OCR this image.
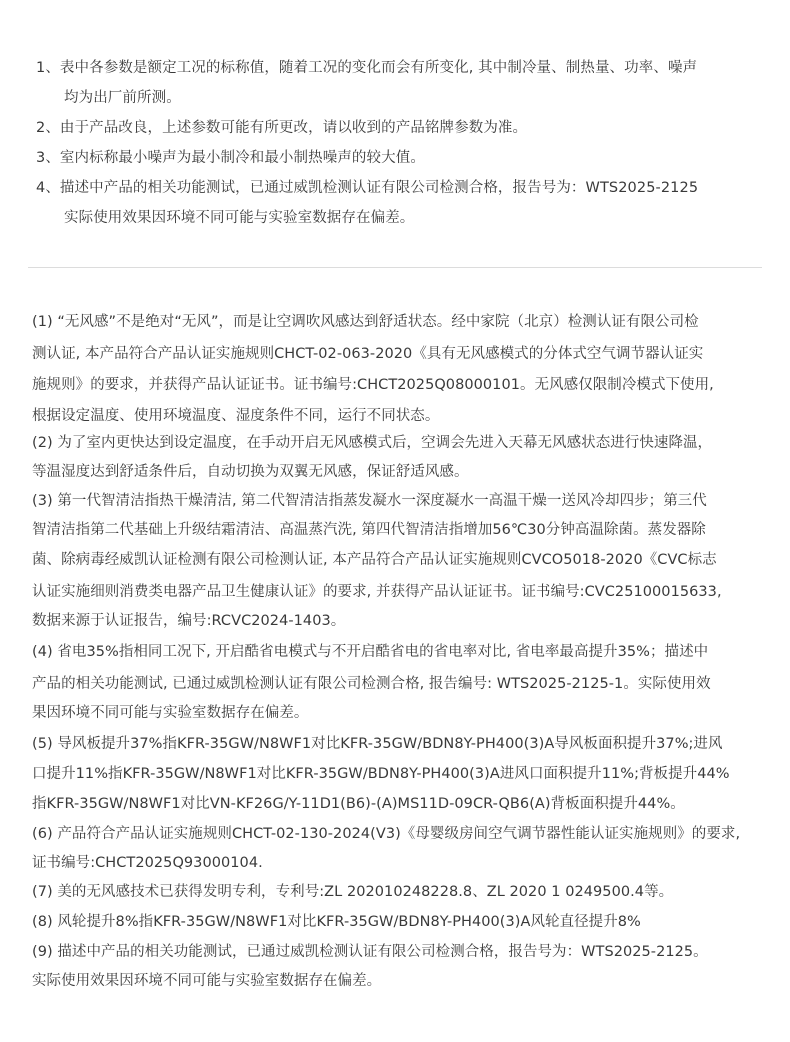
1、表中各参数是额定工况的标称值，随着工况的变化而会有所变化, 其中制冷量、制热量、功率、噪声
均为出厂前所测。
2、由于产品改良，上述参数可能有所更改，请以收到的产品铭牌参数为准。
3、室内标称最小噪声为最小制冷和最小制热噪声的较大值。
4、描述中产品的相关功能测试，已通过威凯检测认证有限公司检测合格，报告号为：WTS2025-2125
实际使用效果因环境不同可能与实验室数据存在偏差。
(1) “无风感”不是绝对“无风”，而是让空调吹风感达到舒适状态。经中家院（北京）检测认证有限公司检
测认证, 本产品符合产品认证实施规则CHCT-02-063-2020《具有无风感模式的分体式空气调节器认证实
施规则》的要求，并获得产品认证证书。证书编号:CHCT2025Q08000101。无风感仅限制冷模式下使用,
根据设定温度、使用环境温度、湿度条件不同，运行不同状态。
(2) 为了室内更快达到设定温度，在手动开启无风感模式后，空调会先进入天幕无风感状态进行快速降温，
等温湿度达到舒适条件后，自动切换为双翼无风感，保证舒适风感。
(3) 第一代智清洁指热干燥清洁, 第二代智清洁指蒸发凝水一深度凝水一高温干燥一送风冷却四步；第三代
智清洁指第二代基础上升级结霜清洁、高温蒸汽洗, 第四代智清洁指增加56℃30分钟高温除菌。蒸发器除
菌、除病毒经威凯认证检测有限公司检测认证, 本产品符合产品认证实施规则CVCO5018-2020《CVC标志
认证实施细则消费类电器产品卫生健康认证》的要求, 并获得产品认证证书。证书编号:CVC25100015633,
数据来源于认证报告，编号:RCVC2024-1403。
(4) 省电35%指相同工况下, 开启酷省电模式与不开启酷省电的省电率对比, 省电率最高提升35%；描述中
产品的相关功能测试, 已通过威凯检测认证有限公司检测合格, 报告编号: WTS2025-2125-1。实际使用效
果因环境不同可能与实验室数据存在偏差。
(5) 导风板提升37%指KFR-35GW/N8WF1对比KFR-35GW/BDN8Y-PH400(3)A导风板面积提升37%;进风
口提升11%指KFR-35GW/N8WF1对比KFR-35GW/BDN8Y-PH400(3)A进风口面积提升11%;背板提升44%
指KFR-35GW/N8WF1对比VN-KF26G/Y-11D1(B6)-(A)MS11D-09CR-QB6(A)背板面积提升44%。
(6) 产品符合产品认证实施规则CHCT-02-130-2024(V3)《母婴级房间空气调节器性能认证实施规则》的要求,
证书编号:CHCT2025Q93000104.
(7) 美的无风感技术已获得发明专利，专利号:ZL 202010248228.8、ZL 2020 1 0249500.4等。
(8) 风轮提升8%指KFR-35GW/N8WF1对比KFR-35GW/BDN8Y-PH400(3)A风轮直径提升8%
(9) 描述中产品的相关功能测试，已通过威凯检测认证有限公司检测合格，报告号为：WTS2025-2125。
实际使用效果因环境不同可能与实验室数据存在偏差。
